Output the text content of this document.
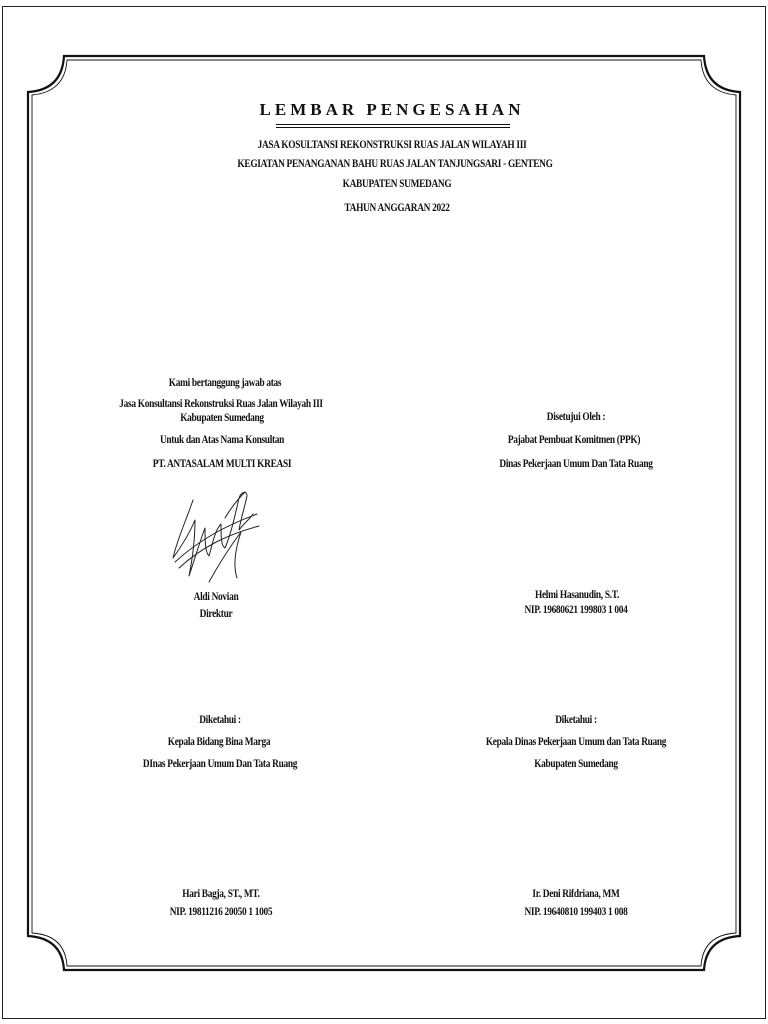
LEMBAR PENGESAHAN
JASA KOSULTANSI REKONSTRUKSI RUAS JALAN WILAYAH III
KEGIATAN PENANGANAN BAHU RUAS JALAN TANJUNGSARI - GENTENG
KABUPATEN SUMEDANG
TAHUN ANGGARAN 2022
Kami bertanggung jawab atas
Jasa Konsultansi Rekonstruksi Ruas Jalan Wilayah III
Kabupaten Sumedang
Untuk dan Atas Nama Konsultan
PT. ANTASALAM MULTI KREASI
Aldi Novian
Direktur
Disetujui Oleh :
Pajabat Pembuat Komitmen (PPK)
Dinas Pekerjaan Umum Dan Tata Ruang
Helmi Hasanudin, S.T.
NIP. 19680621 199803 1 004
Diketahui :
Kepala Bidang Bina Marga
DInas Pekerjaan Umum Dan Tata Ruang
Hari Bagja, ST., MT.
NIP. 19811216 20050 1 1005
Diketahui :
Kepala Dinas Pekerjaan Umum dan Tata Ruang
Kabupaten Sumedang
Ir. Deni Rifdriana, MM
NIP. 19640810 199403 1 008
